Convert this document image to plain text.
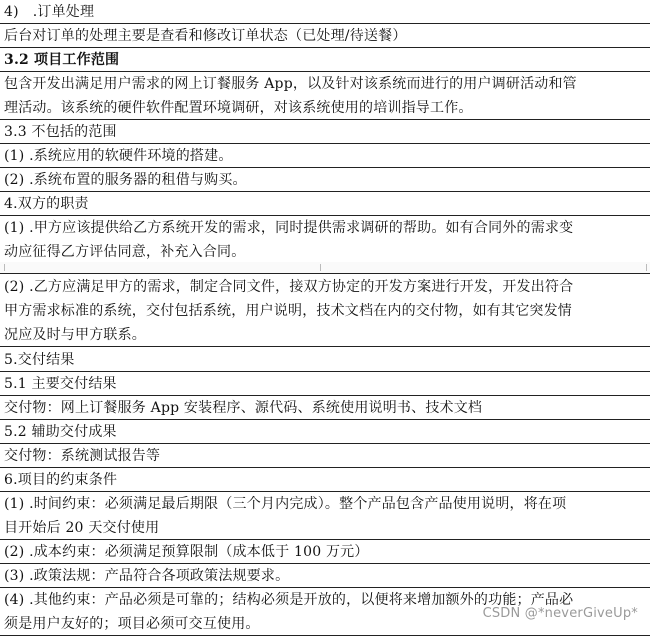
4)   .订单处理
后台对订单的处理主要是查看和修改订单状态（已处理/待送餐）
3.2 项目工作范围
包含开发出满足用户需求的网上订餐服务 App，以及针对该系统而进行的用户调研活动和管
理活动。该系统的硬件软件配置环境调研，对该系统使用的培训指导工作。
3.3 不包括的范围
(1) .系统应用的软硬件环境的搭建。
(2) .系统布置的服务器的租借与购买。
4.双方的职责
(1) .甲方应该提供给乙方系统开发的需求，同时提供需求调研的帮助。如有合同外的需求变
动应征得乙方评估同意，补充入合同。
(2) .乙方应满足甲方的需求，制定合同文件，接双方协定的开发方案进行开发，开发出符合
甲方需求标准的系统，交付包括系统，用户说明，技术文档在内的交付物，如有其它突发情
况应及时与甲方联系。
5.交付结果
5.1 主要交付结果
交付物：网上订餐服务 App 安装程序、源代码、系统使用说明书、技术文档
5.2 辅助交付成果
交付物：系统测试报告等
6.项目的约束条件
(1) .时间约束：必须满足最后期限（三个月内完成）。整个产品包含产品使用说明，将在项
目开始后 20 天交付使用
(2) .成本约束：必须满足预算限制（成本低于 100 万元）
(3) .政策法规：产品符合各项政策法规要求。
(4) .其他约束：产品必须是可靠的；结构必须是开放的，以便将来增加额外的功能；产品必
须是用户友好的；项目必须可交互使用。
CSDN @*neverGiveUp*
